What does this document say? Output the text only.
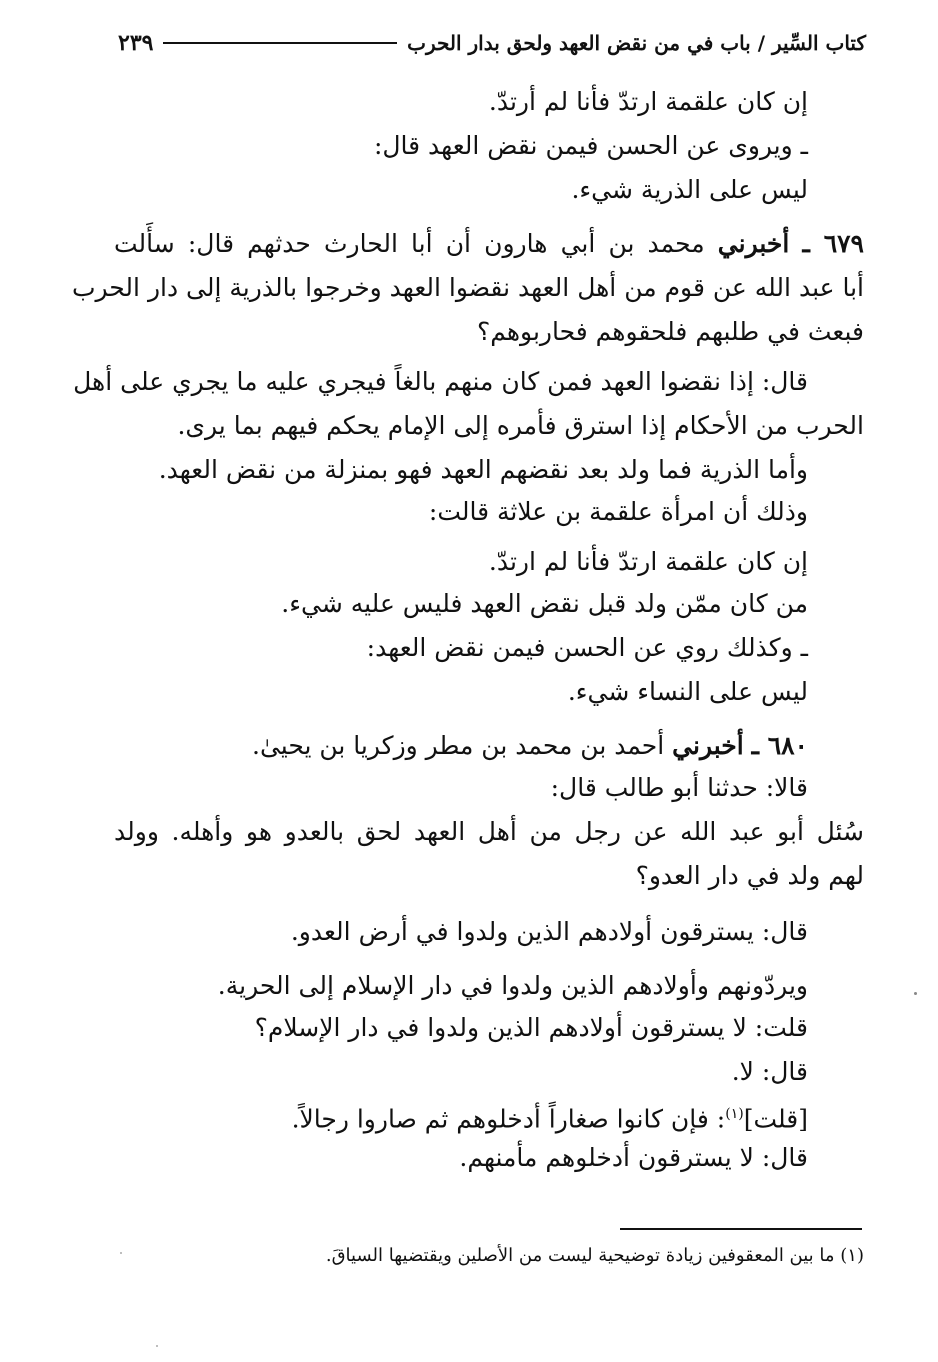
كتاب السِّير / باب في من نقض العهد ولحق بدار الحرب
٢٣٩
إن كان علقمة ارتدّ فأنا لم أرتدّ.
ـ ويروى عن الحسن فيمن نقض العهد قال:
ليس على الذرية شيء.
٦٧٩ ـ أخبرني محمد بن أبي هارون أن أبا الحارث حدثهم قال: سأَلت
أبا عبد الله عن قوم من أهل العهد نقضوا العهد وخرجوا بالذرية إلى دار الحرب
فبعث في طلبهم فلحقوهم فحاربوهم؟
قال: إذا نقضوا العهد فمن كان منهم بالغاً فيجري عليه ما يجري على أهل
الحرب من الأحكام إذا استرق فأمره إلى الإمام يحكم فيهم بما يرى.
وأما الذرية فما ولد بعد نقضهم العهد فهو بمنزلة من نقض العهد.
وذلك أن امرأة علقمة بن علاثة قالت:
إن كان علقمة ارتدّ فأنا لم ارتدّ.
من كان ممّن ولد قبل نقض العهد فليس عليه شيء.
ـ وكذلك روي عن الحسن فيمن نقض العهد:
ليس على النساء شيء.
٦٨٠ ـ أخبرني أحمد بن محمد بن مطر وزكريا بن يحيىٰ.
قالا: حدثنا أبو طالب قال:
سُئل أبو عبد الله عن رجل من أهل العهد لحق بالعدو هو وأهله. وولد
لهم ولد في دار العدو؟
قال: يسترقون أولادهم الذين ولدوا في أرض العدو.
ويردّونهم وأولادهم الذين ولدوا في دار الإسلام إلى الحرية.
قلت: لا يسترقون أولادهم الذين ولدوا في دار الإسلام؟
قال: لا.
[قلت]$^{(١)}$: فإن كانوا صغاراً أدخلوهم ثم صاروا رجالاً.
قال: لا يسترقون أدخلوهم مأمنهم.
(١) ما بين المعقوفين زيادة توضيحية ليست من الأصلين ويقتضيها السياقَ.
